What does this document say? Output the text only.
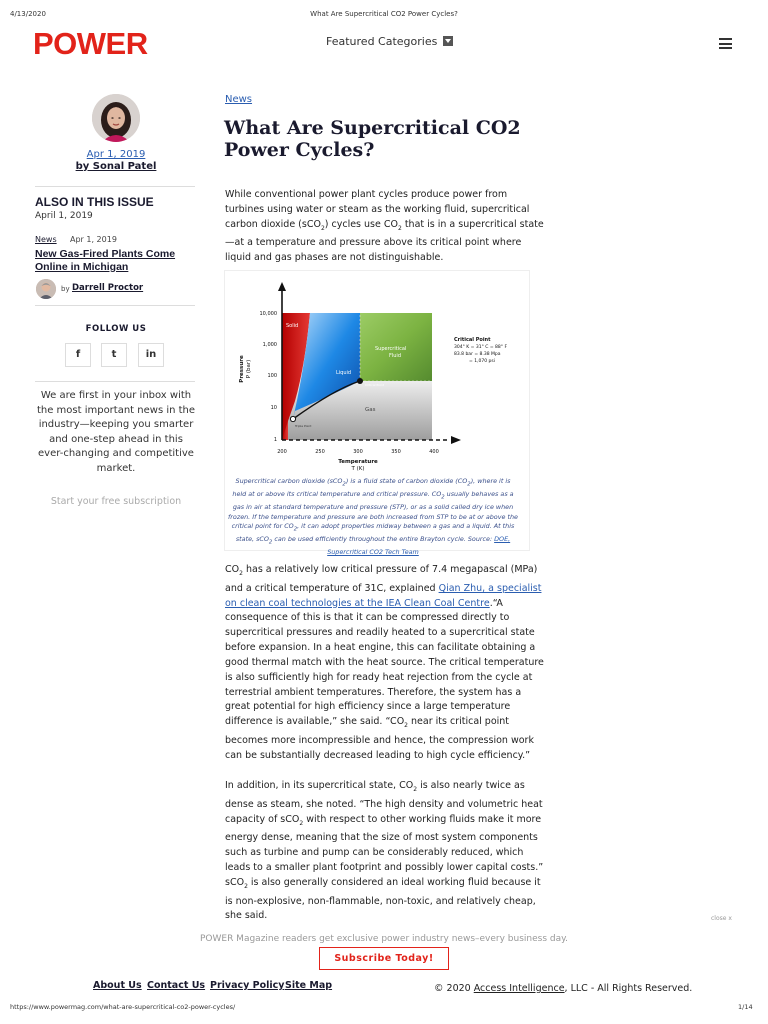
4/13/2020	What Are Supercritical CO2 Power Cycles?
POWER	Featured Categories
Apr 1, 2019
by Sonal Patel
ALSO IN THIS ISSUE
April 1, 2019
News Apr 1, 2019
New Gas-Fired Plants Come Online in Michigan
by Darrell Proctor
FOLLOW US
f	t	in
We are first in your inbox with the most important news in the industry—keeping you smarter and one-step ahead in this ever-changing and competitive market.
Start your free subscription
News
What Are Supercritical CO2 Power Cycles?

While conventional power plant cycles produce power from turbines using water or steam as the working fluid, supercritical carbon dioxide (sCO$_2$) cycles use $CO_2$ that is in a supercritical state—at a temperature and pressure above its critical point where liquid and gas phases are not distinguishable.

10,000
1,000
100
10
1
200	250	300	350	400
Temperature
T (K)
Pressure P (bar)
Solid
Supercritical
Fluid
Liquid
Gas
Critical Point
Triple Point
Critical Point
304° K = 31° C = 88° F
83.8 bar = 8.38 Mpa
= 1,070 psi
Supercritical carbon dioxide (sCO$_2$) is a fluid state of carbon dioxide $(CO_2)$, where it is held at or above its critical temperature and critical pressure. $CO_2$ usually behaves as a gas in air at standard temperature and pressure (STP), or as a solid called dry ice when frozen. If the temperature and pressure are both increased from STP to be at or above the critical point for $CO_2$, it can adopt properties midway between a gas and a liquid. At this state, sCO$_2$ can be used efficiently throughout the entire Brayton cycle. Source: DOE, Supercritical CO2 Tech Team

$CO_2$ has a relatively low critical pressure of 7.4 megapascal (MPa) and a critical temperature of 31C, explained Qian Zhu, a specialist on clean coal technologies at the IEA Clean Coal Centre.“A consequence of this is that it can be compressed directly to supercritical pressures and readily heated to a supercritical state before expansion. In a heat engine, this can facilitate obtaining a good thermal match with the heat source. The critical temperature is also sufficiently high for ready heat rejection from the cycle at terrestrial ambient temperatures. Therefore, the system has a great potential for high efficiency since a large temperature difference is available,” she said. “$CO_2$ near its critical point becomes more incompressible and hence, the compression work can be substantially decreased leading to high cycle efficiency.”

In addition, in its supercritical state, $CO_2$ is also nearly twice as dense as steam, she noted. “The high density and volumetric heat capacity of sCO$_2$ with respect to other working fluids make it more energy dense, meaning that the size of most system components such as turbine and pump can be considerably reduced, which leads to a smaller plant footprint and possibly lower capital costs.” sCO$_2$ is also generally considered an ideal working fluid because it is non-explosive, non-flammable, non-toxic, and relatively cheap, she said.	close x
POWER Magazine readers get exclusive power industry news–every business day.
Subscribe Today!
About Us Contact Us Privacy Policy Site Map	© 2020 Access Intelligence, LLC - All Rights Reserved.
https://www.powermag.com/what-are-supercritical-co2-power-cycles/	1/14
